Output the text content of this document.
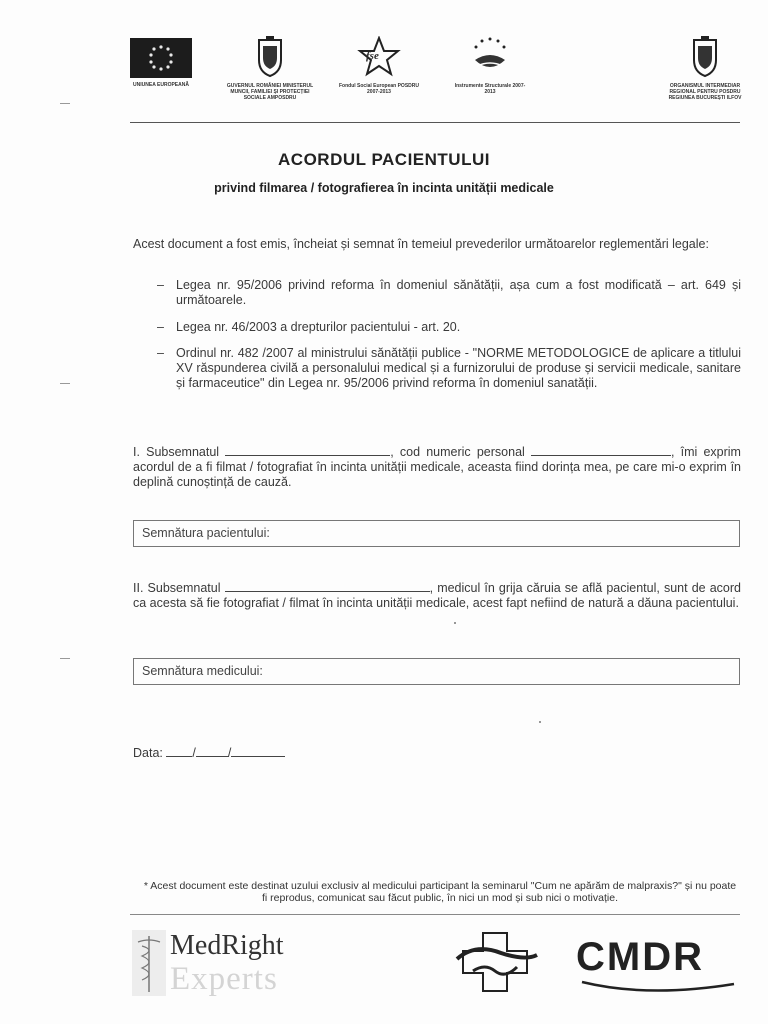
UNIUNEA EUROPEANĂ	GUVERNUL ROMÂNIEI MINISTERUL MUNCII, FAMILIEI ȘI PROTECȚIEI SOCIALE AMPOSDRU
fse
Fondul Social European POSDRU 2007-2013
Instrumente Structurale 2007-2013
ORGANISMUL INTERMEDIAR REGIONAL PENTRU POSDRU REGIUNEA BUCUREȘTI ILFOV
ACORDUL PACIENTULUI
privind filmarea / fotografierea în incinta unității medicale
Acest document a fost emis, încheiat și semnat în temeiul prevederilor următoarelor reglementări legale:
– Legea nr. 95/2006 privind reforma în domeniul sănătății, așa cum a fost modificată – art. 649 și următoarele.
– Legea nr. 46/2003 a drepturilor pacientului - art. 20.
– Ordinul nr. 482 /2007 al ministrului sănătății publice - "NORME METODOLOGICE de aplicare a titlului XV răspunderea civilă a personalului medical și a furnizorului de produse și servicii medicale, sanitare și farmaceutice" din Legea nr. 95/2006 privind reforma în domeniul sanatății.
I. Subsemnatul	, cod numeric personal	, îmi exprim acordul de a fi filmat / fotografiat în incinta unității medicale, aceasta fiind dorința mea, pe care mi-o exprim în deplină cunoștință de cauză.
Semnătura pacientului:
II. Subsemnatul	, medicul în grija căruia se află pacientul, sunt de acord ca acesta să fie fotografiat / filmat în incinta unității medicale, acest fapt nefiind de natură a dăuna pacientului.
Semnătura medicului:
Data: /	/
* Acest document este destinat uzului exclusiv al medicului participant la seminarul "Cum ne apărăm de malpraxis?" și nu poate fi reprodus, comunicat sau făcut public, în nici un mod și sub nici o motivație.
MedRight
Experts	CMDR
